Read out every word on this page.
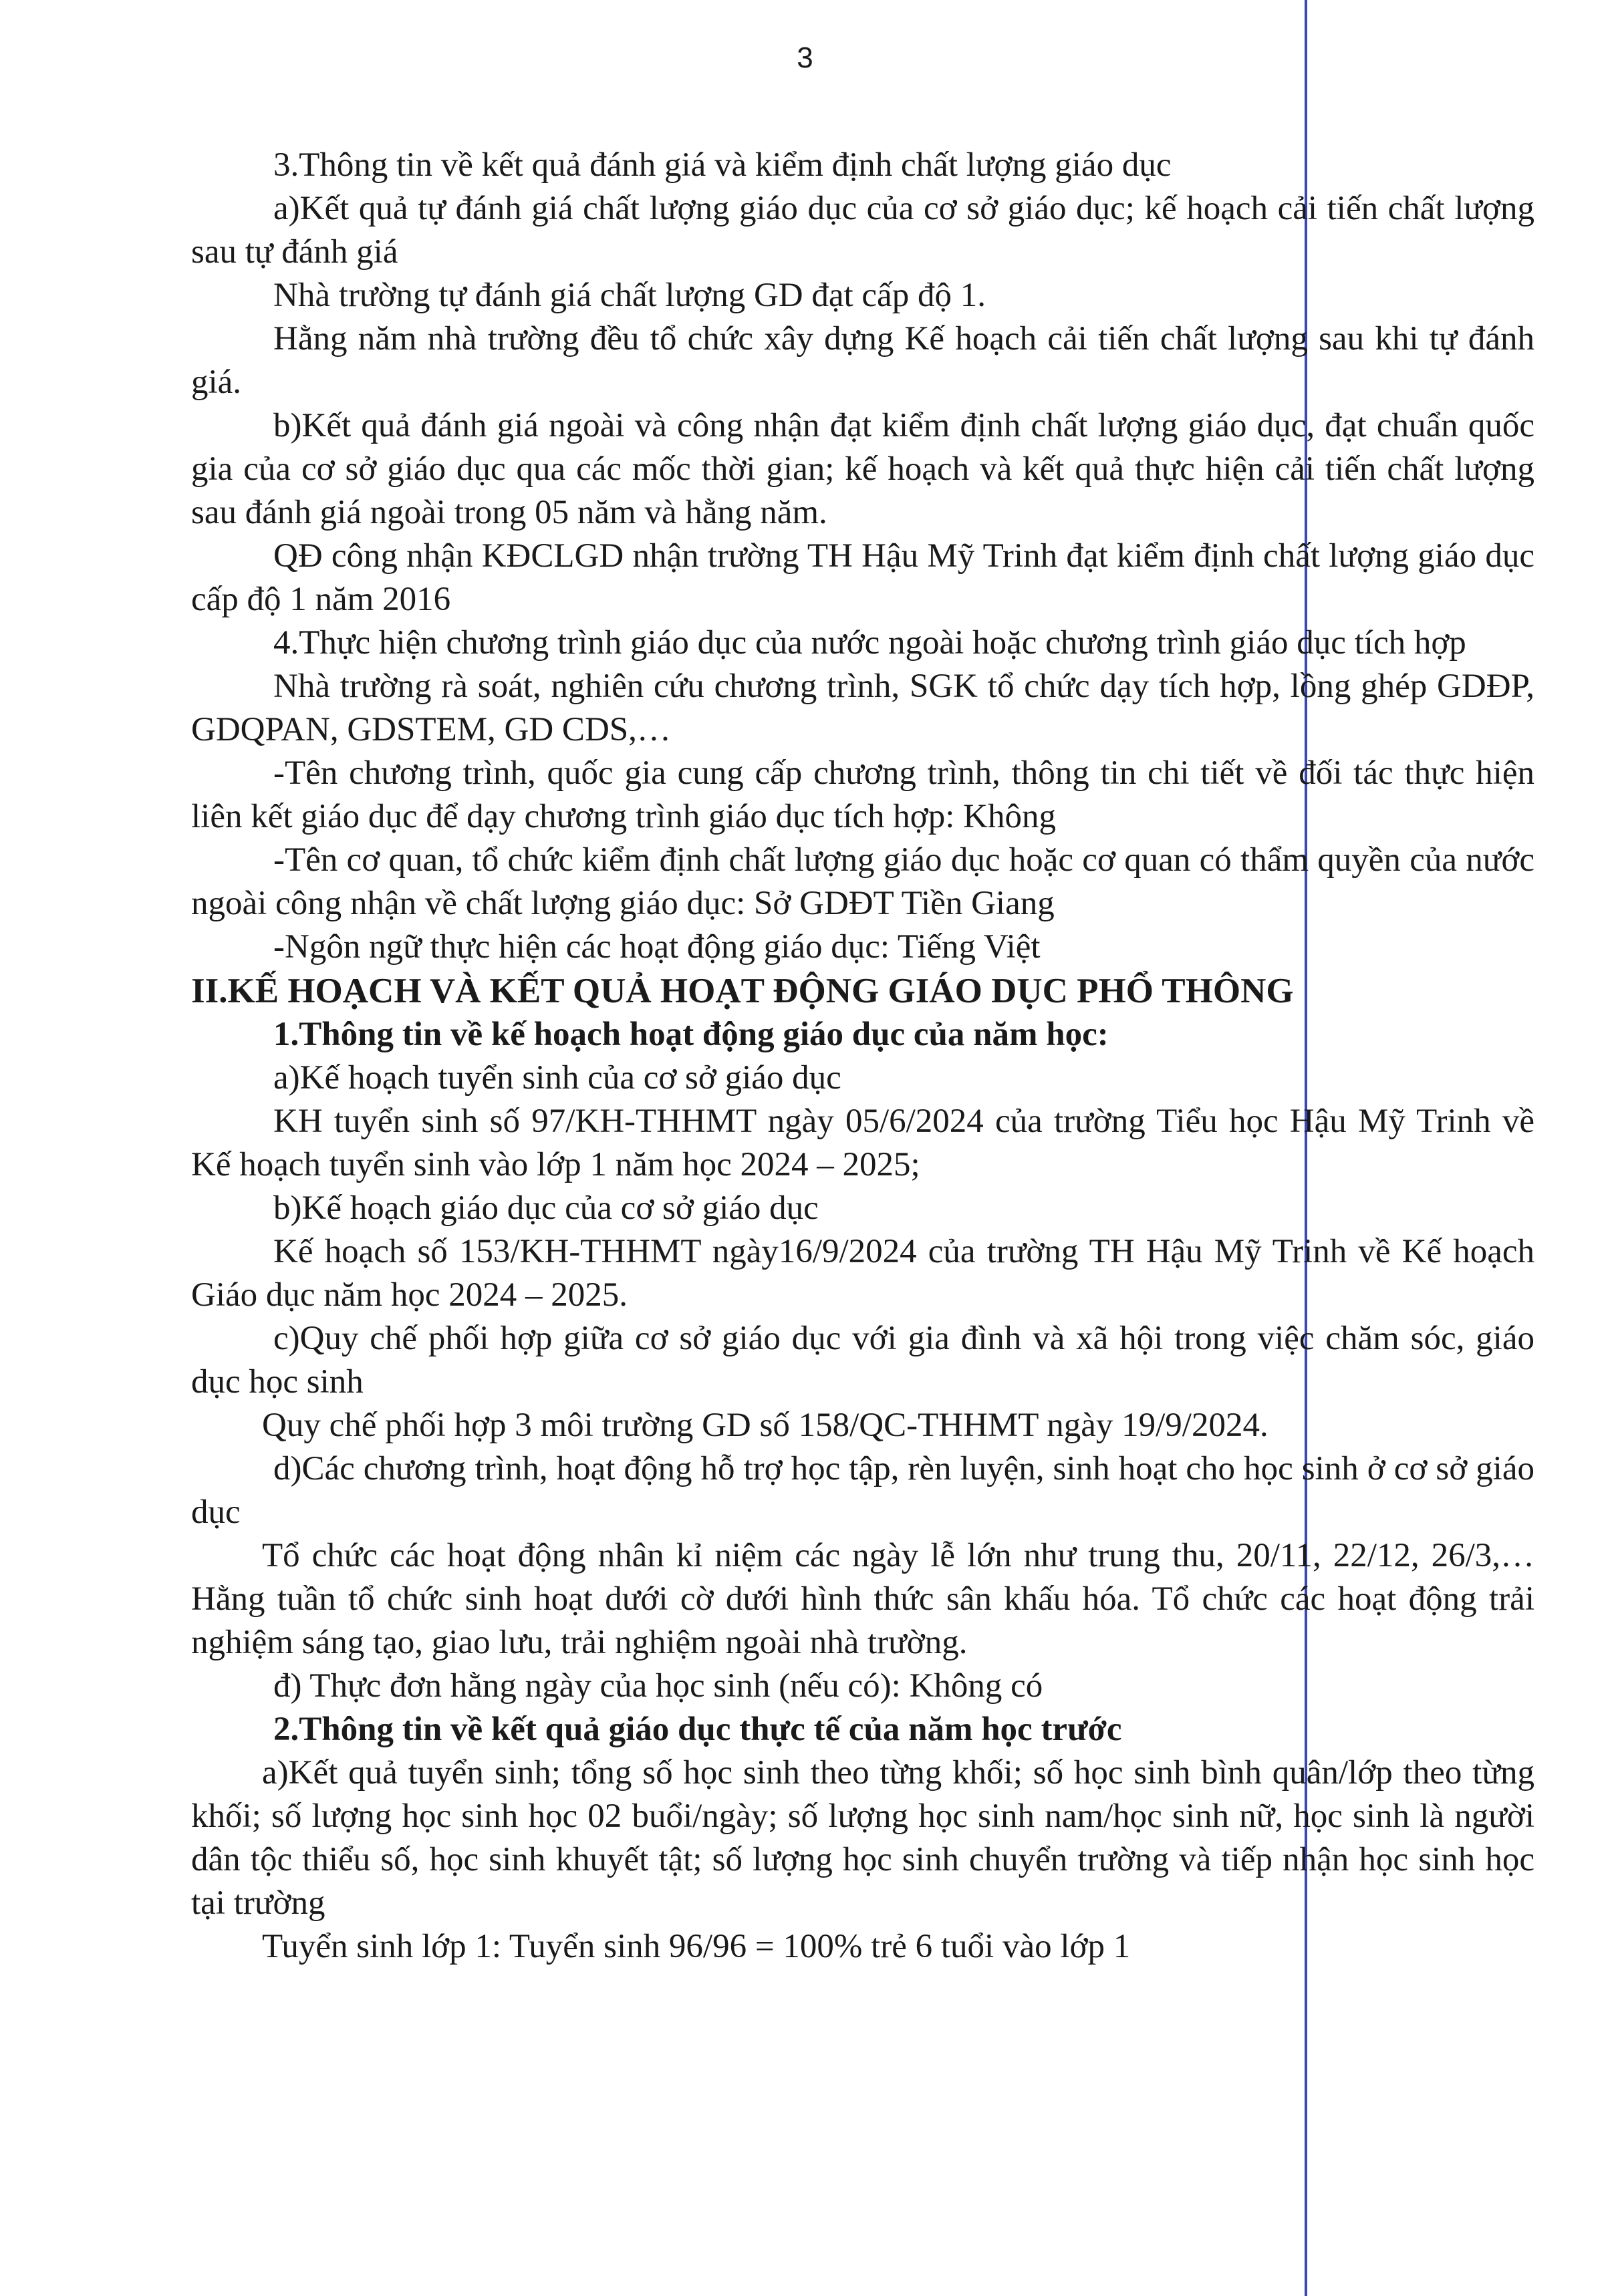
3

3.Thông tin về kết quả đánh giá và kiểm định chất lượng giáo dục

a)Kết quả tự đánh giá chất lượng giáo dục của cơ sở giáo dục; kế hoạch cải tiến chất lượng sau tự đánh giá

Nhà trường tự đánh giá chất lượng GD đạt cấp độ 1.

Hằng năm nhà trường đều tổ chức xây dựng Kế hoạch cải tiến chất lượng sau khi tự đánh giá.

b)Kết quả đánh giá ngoài và công nhận đạt kiểm định chất lượng giáo dục, đạt chuẩn quốc gia của cơ sở giáo dục qua các mốc thời gian; kế hoạch và kết quả thực hiện cải tiến chất lượng sau đánh giá ngoài trong 05 năm và hằng năm.

QĐ công nhận KĐCLGD nhận trường TH Hậu Mỹ Trinh đạt kiểm định chất lượng giáo dục cấp độ 1 năm 2016

4.Thực hiện chương trình giáo dục của nước ngoài hoặc chương trình giáo dục tích hợp

Nhà trường rà soát, nghiên cứu chương trình, SGK tổ chức dạy tích hợp, lồng ghép GDĐP, GDQPAN, GDSTEM, GD CDS,…

-Tên chương trình, quốc gia cung cấp chương trình, thông tin chi tiết về đối tác thực hiện liên kết giáo dục để dạy chương trình giáo dục tích hợp: Không

-Tên cơ quan, tổ chức kiểm định chất lượng giáo dục hoặc cơ quan có thẩm quyền của nước ngoài công nhận về chất lượng giáo dục: Sở GDĐT Tiền Giang

-Ngôn ngữ thực hiện các hoạt động giáo dục: Tiếng Việt

II.KẾ HOẠCH VÀ KẾT QUẢ HOẠT ĐỘNG GIÁO DỤC PHỔ THÔNG

1.Thông tin về kế hoạch hoạt động giáo dục của năm học:

a)Kế hoạch tuyển sinh của cơ sở giáo dục

KH tuyển sinh số 97/KH-THHMT ngày 05/6/2024 của trường Tiểu học Hậu Mỹ Trinh về Kế hoạch tuyển sinh vào lớp 1 năm học 2024 – 2025;

b)Kế hoạch giáo dục của cơ sở giáo dục

Kế hoạch số 153/KH-THHMT ngày16/9/2024 của trường TH Hậu Mỹ Trinh về Kế hoạch Giáo dục năm học 2024 – 2025.

c)Quy chế phối hợp giữa cơ sở giáo dục với gia đình và xã hội trong việc chăm sóc, giáo dục học sinh

Quy chế phối hợp 3 môi trường GD số 158/QC-THHMT ngày 19/9/2024.

d)Các chương trình, hoạt động hỗ trợ học tập, rèn luyện, sinh hoạt cho học sinh ở cơ sở giáo dục

Tổ chức các hoạt động nhân kỉ niệm các ngày lễ lớn như trung thu, 20/11, 22/12, 26/3,… Hằng tuần tổ chức sinh hoạt dưới cờ dưới hình thức sân khấu hóa. Tổ chức các hoạt động trải nghiệm sáng tạo, giao lưu, trải nghiệm ngoài nhà trường.

đ) Thực đơn hằng ngày của học sinh (nếu có): Không có

2.Thông tin về kết quả giáo dục thực tế của năm học trước

a)Kết quả tuyển sinh; tổng số học sinh theo từng khối; số học sinh bình quân/lớp theo từng khối; số lượng học sinh học 02 buổi/ngày; số lượng học sinh nam/học sinh nữ, học sinh là người dân tộc thiểu số, học sinh khuyết tật; số lượng học sinh chuyển trường và tiếp nhận học sinh học tại trường

Tuyển sinh lớp 1: Tuyển sinh 96/96 = 100% trẻ 6 tuổi vào lớp 1
